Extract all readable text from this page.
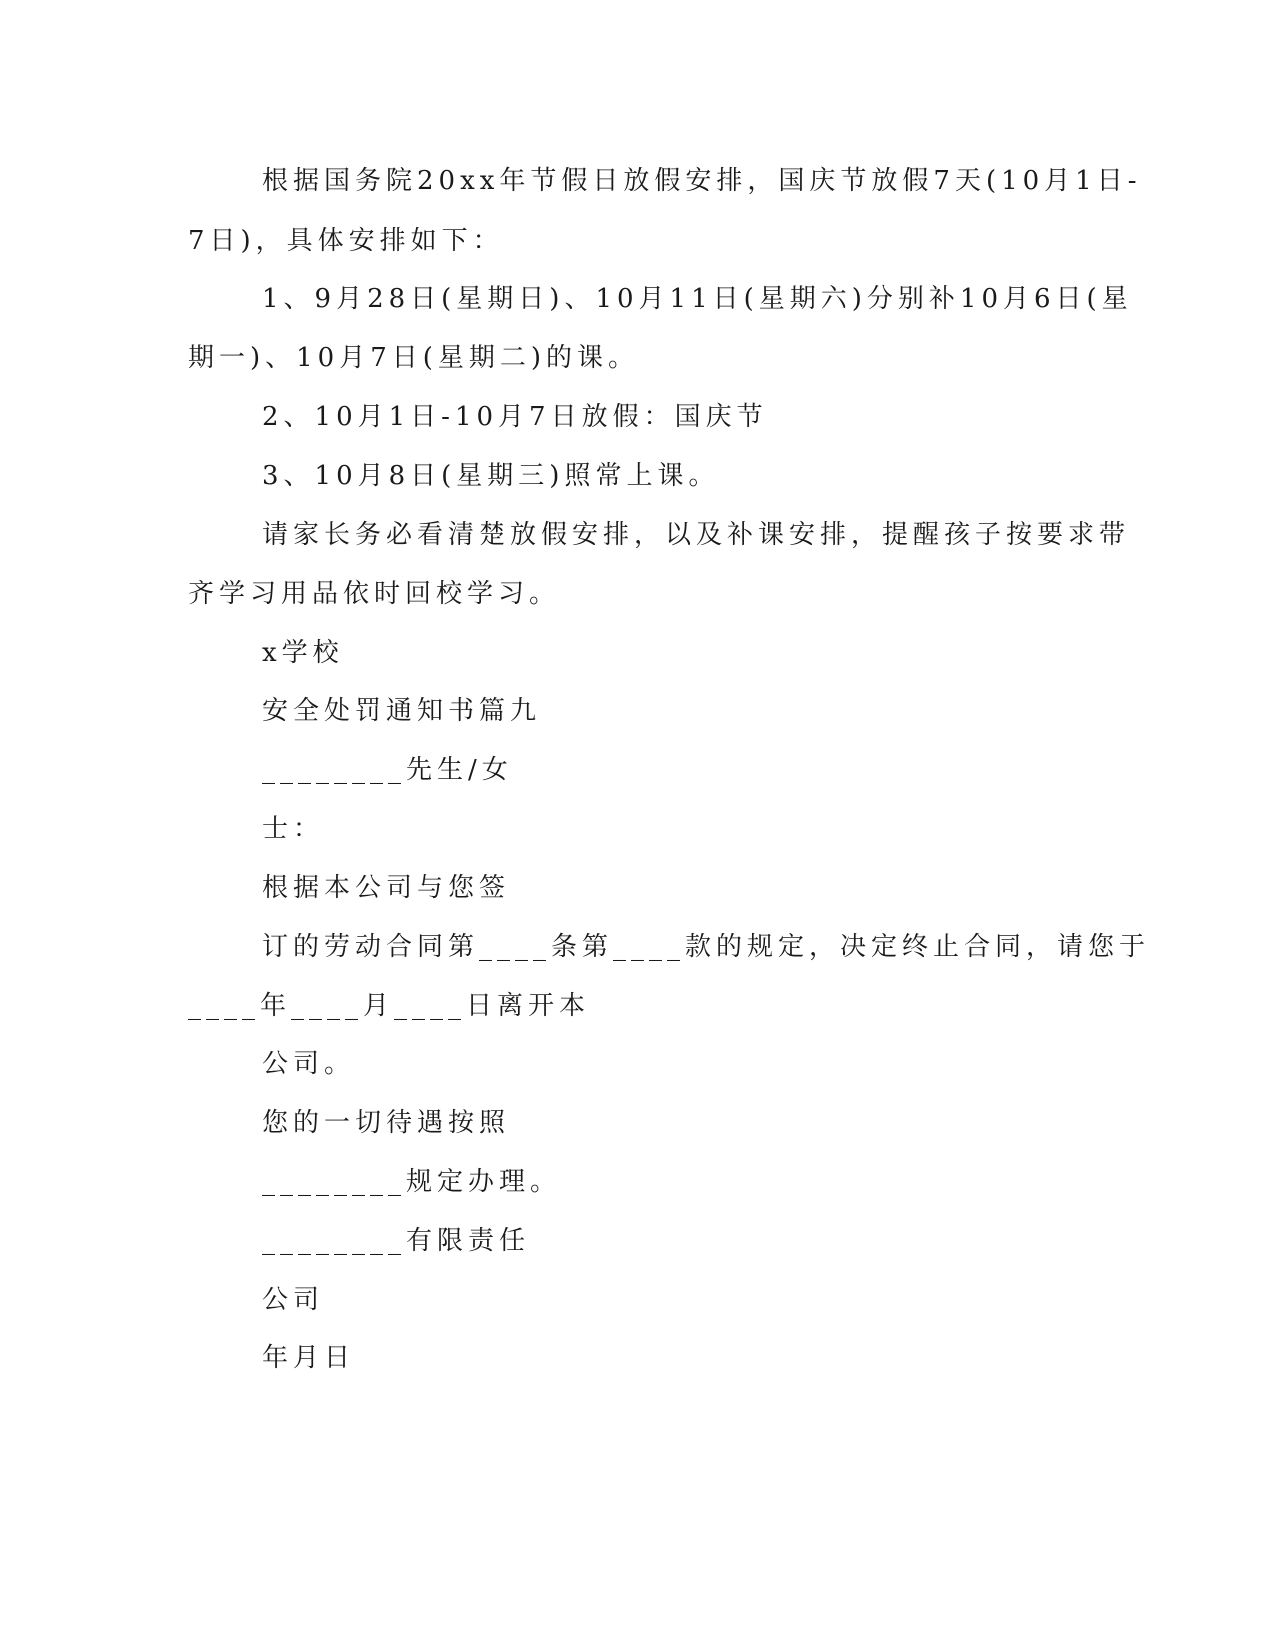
根据国务院20xx年节假日放假安排，国庆节放假7天(10月1日-
7日)，具体安排如下：
1、9月28日(星期日)、10月11日(星期六)分别补10月6日(星
期一)、10月7日(星期二)的课。
2、10月1日-10月7日放假：国庆节
3、10月8日(星期三)照常上课。
请家长务必看清楚放假安排，以及补课安排，提醒孩子按要求带
齐学习用品依时回校学习。
x学校
安全处罚通知书篇九
________先生/女
士：
根据本公司与您签
订的劳动合同第____条第____款的规定，决定终止合同，请您于
____年____月____日离开本
公司。
您的一切待遇按照
________规定办理。
________有限责任
公司
年月日
